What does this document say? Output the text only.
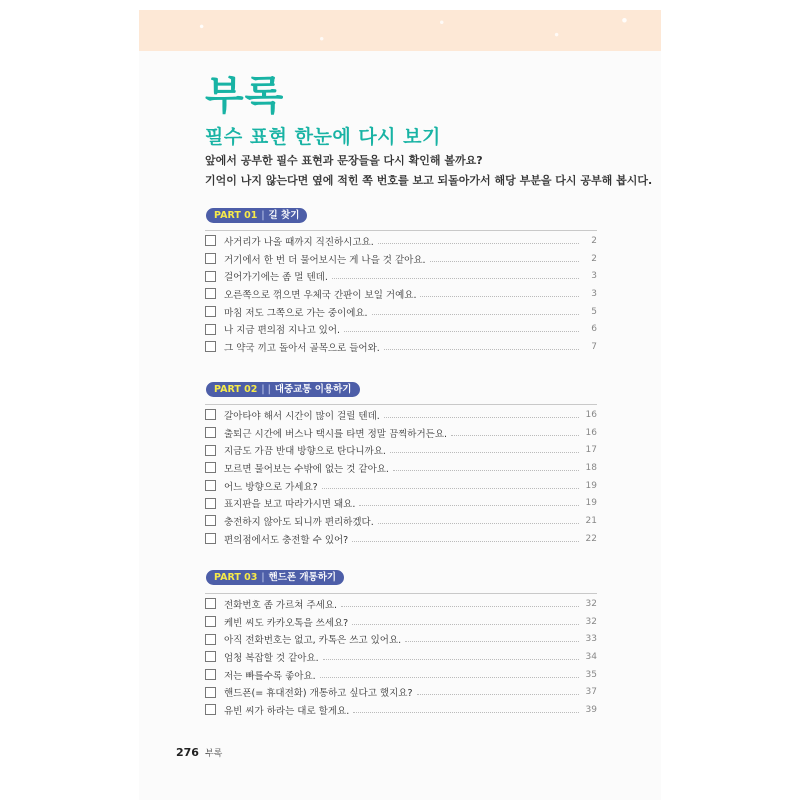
부록
필수 표현 한눈에 다시 보기
앞에서 공부한 필수 표현과 문장들을 다시 확인해 볼까요?
기억이 나지 않는다면 옆에 적힌 쪽 번호를 보고 되돌아가서 해당 부분을 다시 공부해 봅시다.
PART 01 | 길 찾기
사거리가 나올 때까지 직진하시고요.	2
거기에서 한 번 더 물어보시는 게 나을 것 같아요.	2
걸어가기에는 좀 멀 텐데.	3
오른쪽으로 꺾으면 우체국 간판이 보일 거예요.	3
마침 저도 그쪽으로 가는 중이에요.	5
나 지금 편의점 지나고 있어.	6
그 약국 끼고 돌아서 골목으로 들어와.	7
PART 02 | | 대중교통 이용하기
갈아타야 해서 시간이 많이 걸릴 텐데.	16
출퇴근 시간에 버스나 택시를 타면 정말 끔찍하거든요.	16
지금도 가끔 반대 방향으로 탄다니까요.	17
모르면 물어보는 수밖에 없는 것 같아요.	18
어느 방향으로 가세요?	19
표지판을 보고 따라가시면 돼요.	19
충전하지 않아도 되니까 편리하겠다.	21
편의점에서도 충전할 수 있어?	22
PART 03 | 핸드폰 개통하기
전화번호 좀 가르쳐 주세요.	32
케빈 씨도 카카오톡을 쓰세요?	32
아직 전화번호는 없고, 카톡은 쓰고 있어요.	33
엄청 복잡할 것 같아요.	34
저는 빠를수록 좋아요.	35
핸드폰(= 휴대전화) 개통하고 싶다고 했지요?	37
유빈 씨가 하라는 대로 할게요.	39
276 부록
